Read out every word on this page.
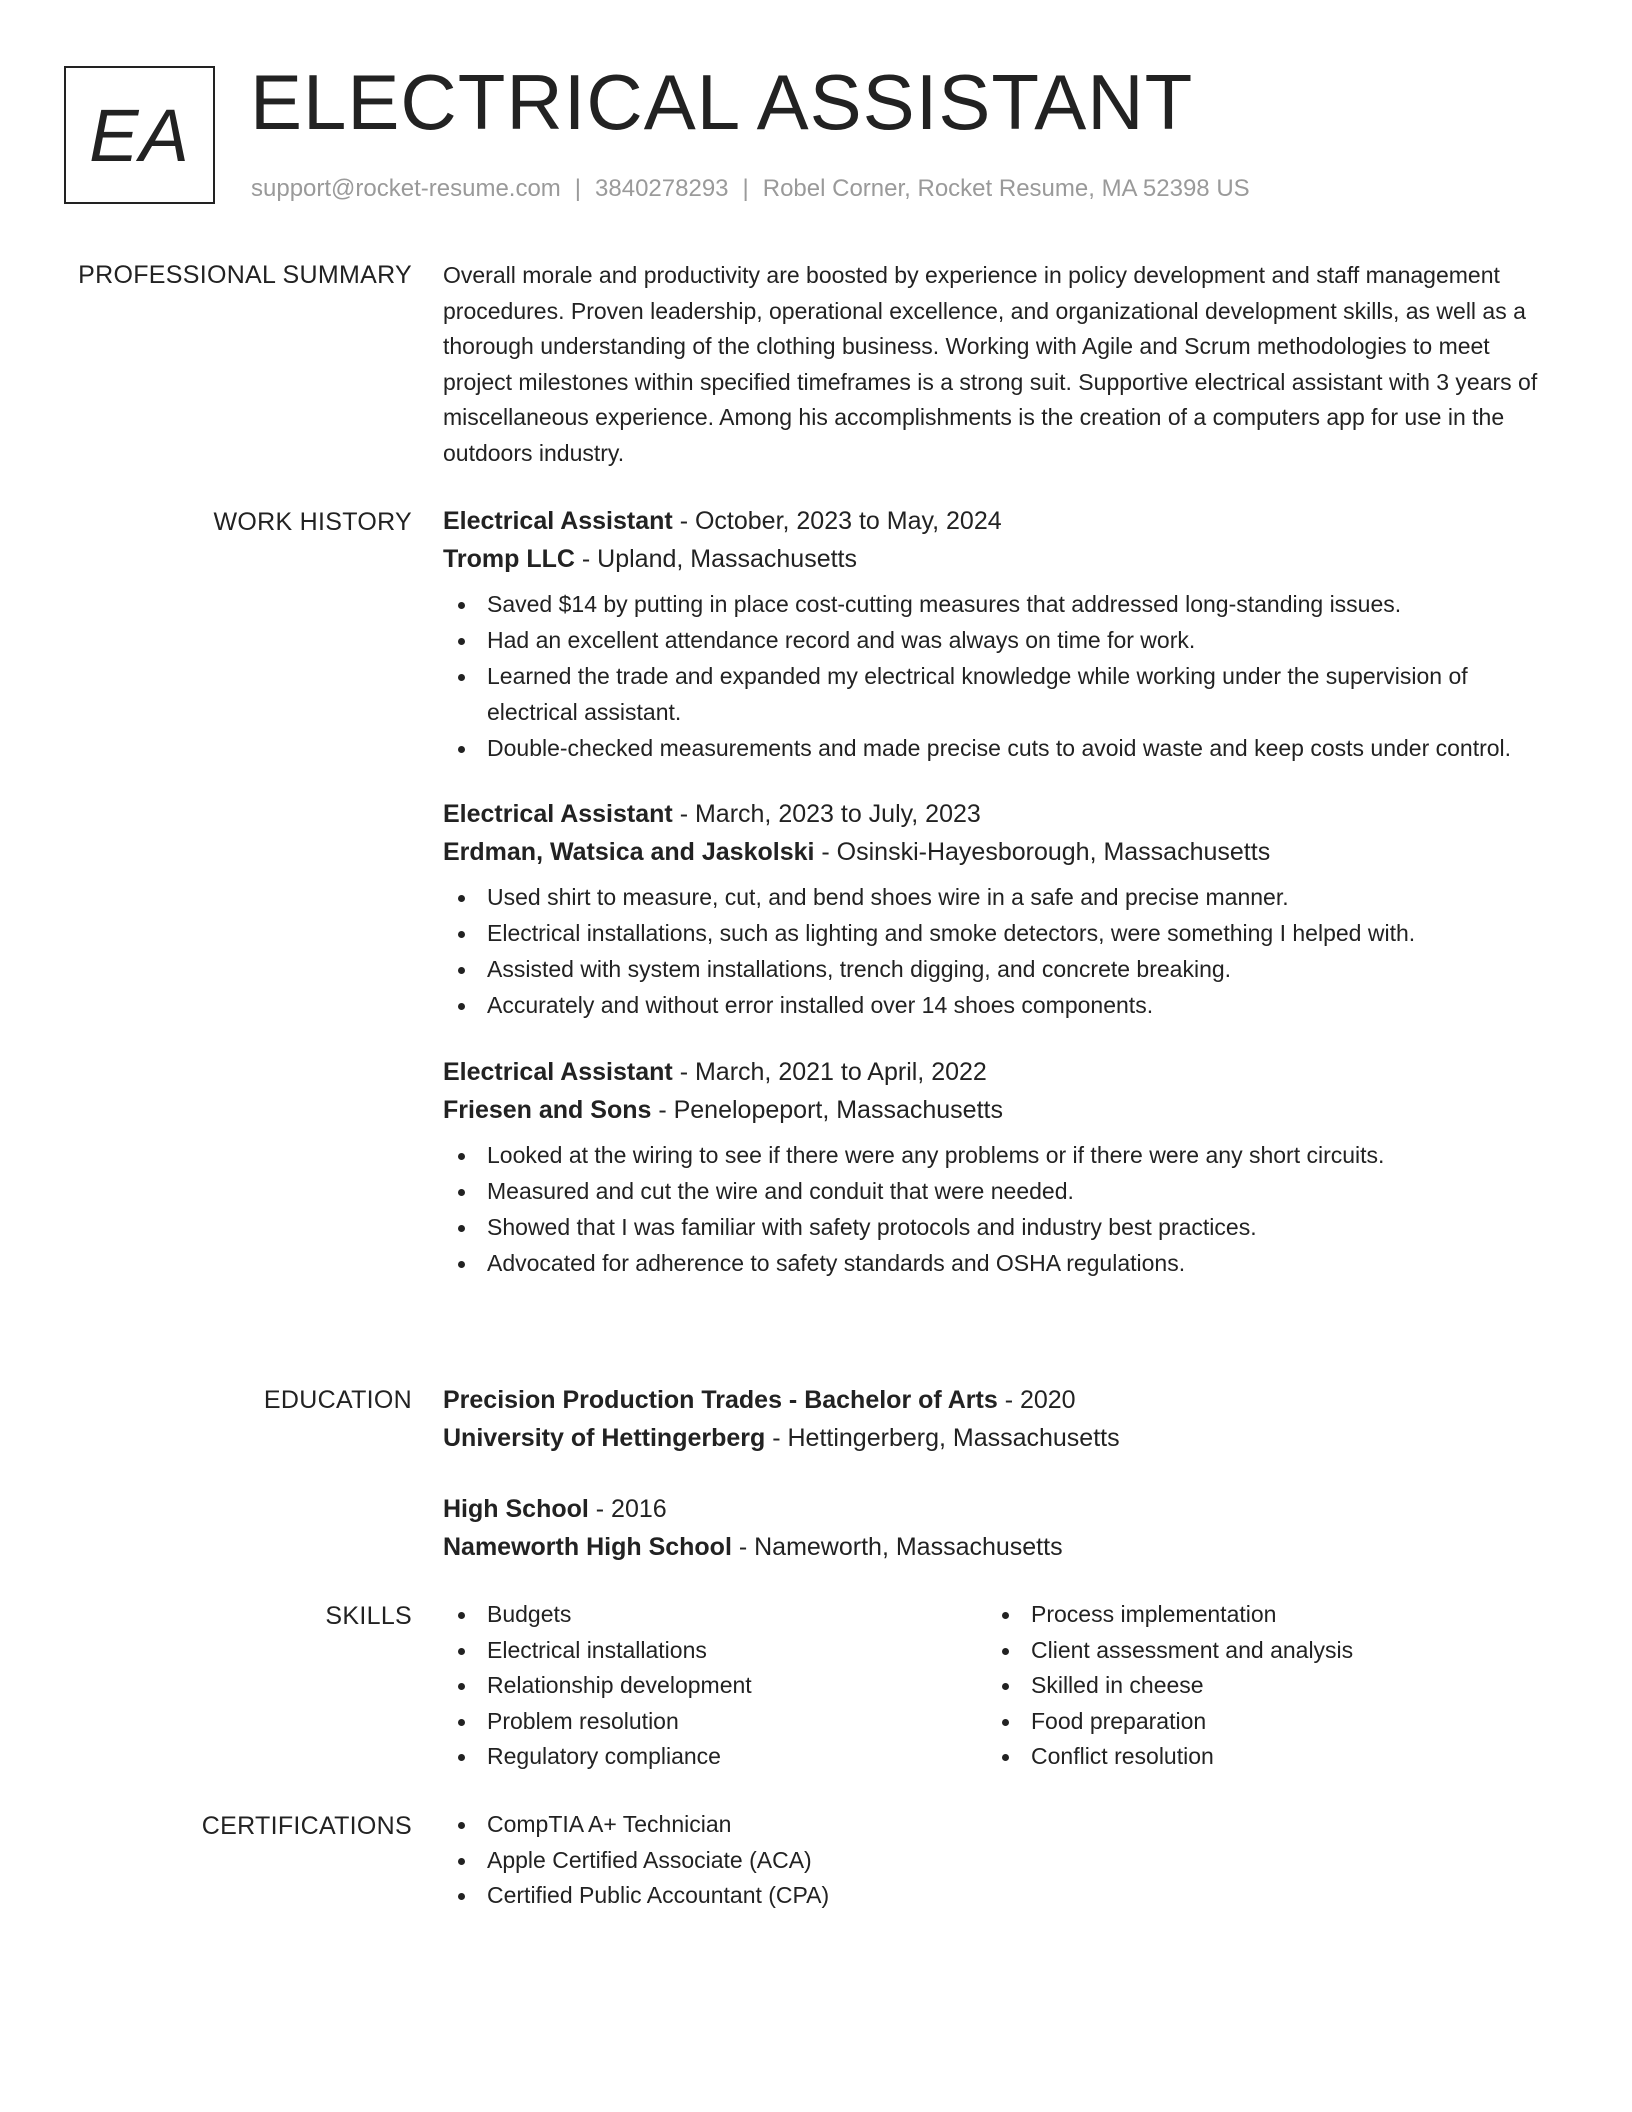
EA ELECTRICAL ASSISTANT
support@rocket-resume.com | 3840278293 | Robel Corner, Rocket Resume, MA 52398 US
PROFESSIONAL SUMMARY Overall morale and productivity are boosted by experience in policy development and staff management procedures. Proven leadership, operational excellence, and organizational development skills, as well as a thorough understanding of the clothing business. Working with Agile and Scrum methodologies to meet project milestones within specified timeframes is a strong suit. Supportive electrical assistant with 3 years of miscellaneous experience. Among his accomplishments is the creation of a computers app for use in the outdoors industry.

WORK HISTORY Electrical Assistant - October, 2023 to May, 2024
Tromp LLC - Upland, Massachusetts
Saved $14 by putting in place cost-cutting measures that addressed long-standing issues.
Had an excellent attendance record and was always on time for work.
Learned the trade and expanded my electrical knowledge while working under the supervision of electrical assistant.
Double-checked measurements and made precise cuts to avoid waste and keep costs under control.
Electrical Assistant - March, 2023 to July, 2023
Erdman, Watsica and Jaskolski - Osinski-Hayesborough, Massachusetts
Used shirt to measure, cut, and bend shoes wire in a safe and precise manner.
Electrical installations, such as lighting and smoke detectors, were something I helped with.
Assisted with system installations, trench digging, and concrete breaking.
Accurately and without error installed over 14 shoes components.
Electrical Assistant - March, 2021 to April, 2022
Friesen and Sons - Penelopeport, Massachusetts
Looked at the wiring to see if there were any problems or if there were any short circuits.
Measured and cut the wire and conduit that were needed.
Showed that I was familiar with safety protocols and industry best practices.
Advocated for adherence to safety standards and OSHA regulations.
EDUCATION Precision Production Trades - Bachelor of Arts - 2020
University of Hettingerberg - Hettingerberg, Massachusetts
High School - 2016
Nameworth High School - Nameworth, Massachusetts
SKILLS	Budgets
Electrical installations
Relationship development
Problem resolution
Regulatory compliance
Process implementation
Client assessment and analysis
Skilled in cheese
Food preparation
Conflict resolution
CERTIFICATIONS	CompTIA A+ Technician
Apple Certified Associate (ACA)
Certified Public Accountant (CPA)
